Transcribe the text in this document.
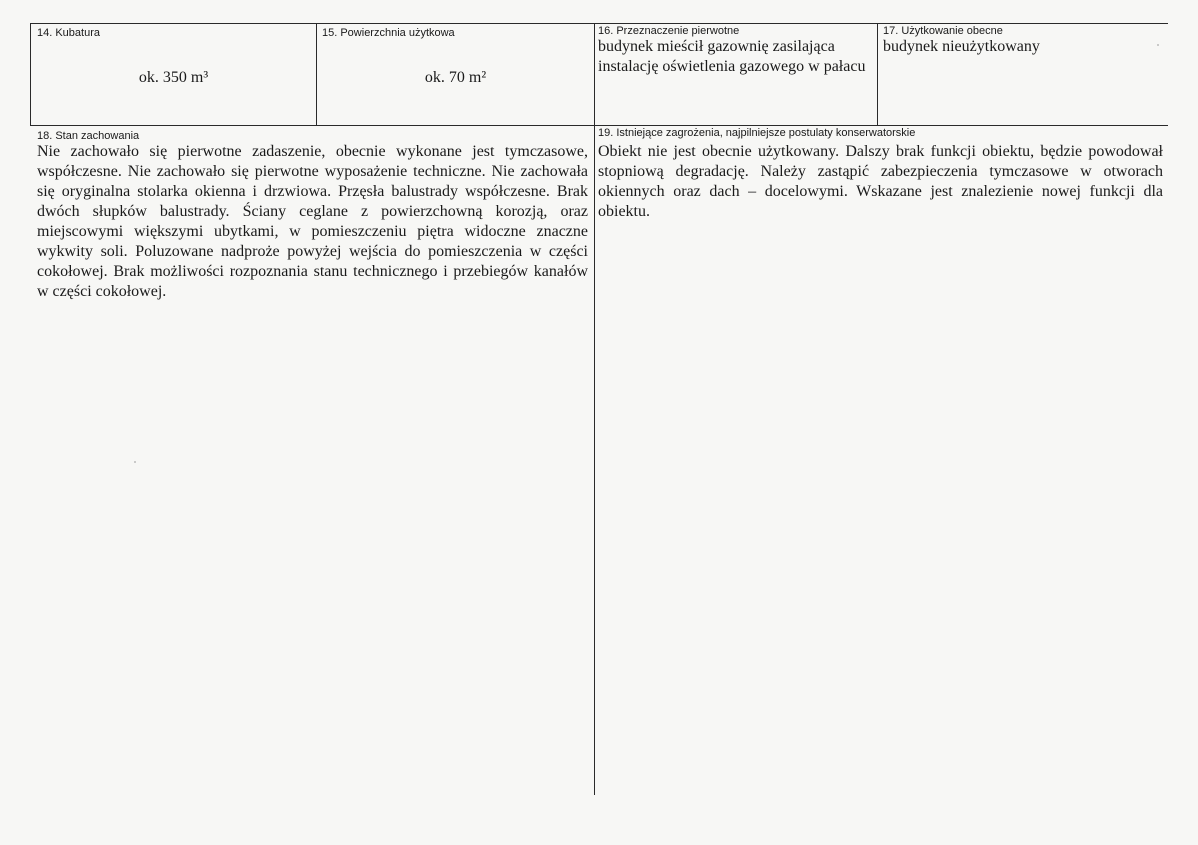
14. Kubatura
ok. 350 m³
15. Powierzchnia użytkowa
ok. 70 m²
16. Przeznaczenie pierwotne
budynek mieścił gazownię zasilająca instalację oświetlenia gazowego w pałacu
17. Użytkowanie obecne
budynek nieużytkowany
18. Stan zachowania
Nie zachowało się pierwotne zadaszenie, obecnie wykonane jest tymczasowe, współczesne. Nie zachowało się pierwotne wyposażenie techniczne. Nie zachowała się oryginalna stolarka okienna i drzwiowa. Przęsła balustrady współczesne. Brak dwóch słupków balustrady. Ściany ceglane z powierzchowną korozją, oraz miejscowymi większymi ubytkami, w pomieszczeniu piętra widoczne znaczne wykwity soli. Poluzowane nadproże powyżej wejścia do pomieszczenia w części cokołowej. Brak możliwości rozpoznania stanu technicznego i przebiegów kanałów w części cokołowej.
19. Istniejące zagrożenia, najpilniejsze postulaty konserwatorskie
Obiekt nie jest obecnie użytkowany. Dalszy brak funkcji obiektu, będzie powodował stopniową degradację. Należy zastąpić zabezpieczenia tymczasowe w otworach okiennych oraz dach – docelowymi. Wskazane jest znalezienie nowej funkcji dla obiektu.
